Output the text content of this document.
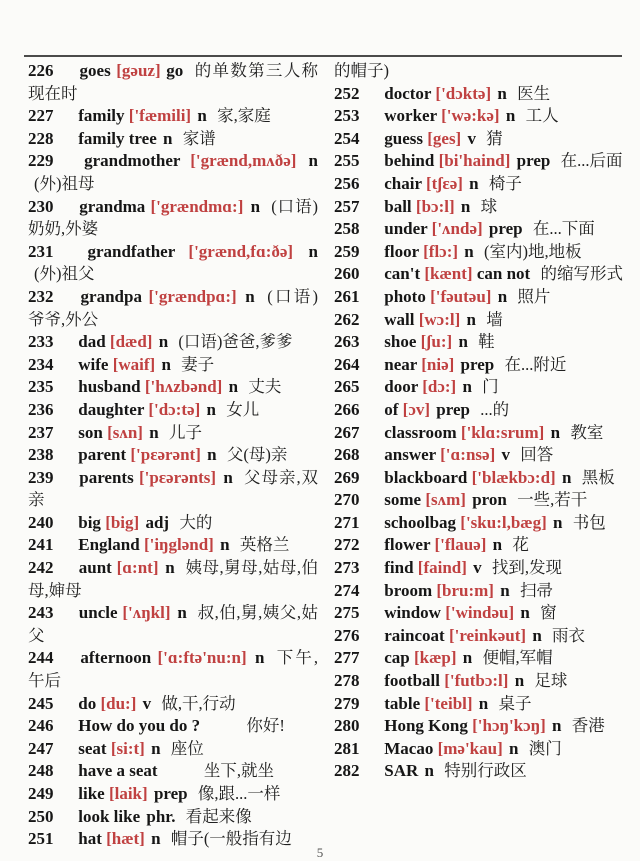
226 goes [gəuz] go 的单数第三人称现在时
227 family ['fæmili] n 家,家庭
228 family tree n 家谱
229 grandmother ['grænd,mʌðə] n (外)祖母
230 grandma ['grændmɑ:] n (口语)奶奶,外婆
231 grandfather ['grænd,fɑ:ðə] n (外)祖父
232 grandpa ['grændpɑ:] n (口语)爷爷,外公
233 dad [dæd] n (口语)爸爸,爹爹
234 wife [waif] n 妻子
235 husband ['hʌzbənd] n 丈夫
236 daughter ['dɔ:tə] n 女儿
237 son [sʌn] n 儿子
238 parent ['pɛərənt] n 父(母)亲
239 parents ['pɛərənts] n 父母亲,双亲
240 big [big] adj 大的
241 England ['iŋglənd] n 英格兰
242 aunt [ɑ:nt] n 姨母,舅母,姑母,伯母,婶母
243 uncle ['ʌŋkl] n 叔,伯,舅,姨父,姑父
244 afternoon ['ɑ:ftə'nu:n] n 下午,午后
245 do [du:] v 做,干,行动
246 How do you do ?	你好!
247 seat [si:t] n 座位
248 have a seat	坐下,就坐
249 like [laik] prep 像,跟...一样
250 look like phr. 看起来像
251 hat [hæt] n 帽子(一般指有边
的帽子)
252 doctor ['dɔktə] n 医生
253 worker ['wə:kə] n 工人
254 guess [ges] v 猜
255 behind [bi'haind] prep 在...后面
256 chair [tʃɛə] n 椅子
257 ball [bɔ:l] n 球
258 under ['ʌndə] prep 在...下面
259 floor [flɔ:] n (室内)地,地板
260 can't [kænt] can not 的缩写形式
261 photo ['fəutəu] n 照片
262 wall [wɔ:l] n 墙
263 shoe [ʃu:] n 鞋
264 near [niə] prep 在...附近
265 door [dɔ:] n 门
266 of [ɔv] prep ...的
267 classroom ['klɑ:srum] n 教室
268 answer ['ɑ:nsə] v 回答
269 blackboard ['blækbɔ:d] n 黑板
270 some [sʌm] pron 一些,若干
271 schoolbag ['sku:l,bæg] n 书包
272 flower ['flauə] n 花
273 find [faind] v 找到,发现
274 broom [bru:m] n 扫帚
275 window ['windəu] n 窗
276 raincoat ['reinkəut] n 雨衣
277 cap [kæp] n 便帽,军帽
278 football ['futbɔ:l] n 足球
279 table ['teibl] n 桌子
280 Hong Kong ['hɔŋ'kɔŋ] n 香港
281 Macao [mə'kau] n 澳门
282 SAR n 特别行政区
5
